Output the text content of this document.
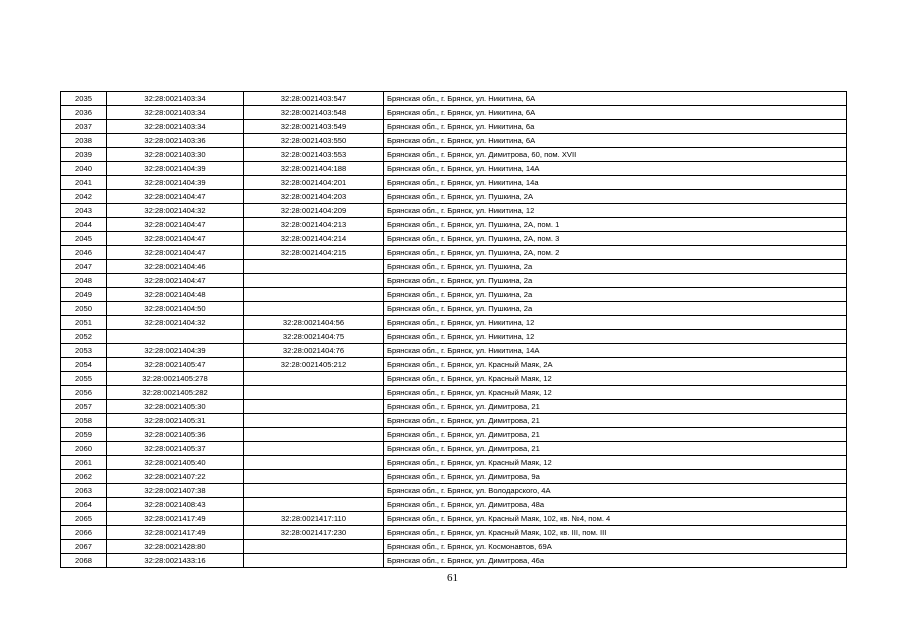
2035	32:28:0021403:34	32:28:0021403:547	Брянская обл., г. Брянск, ул. Никитина, 6А
2036	32:28:0021403:34	32:28:0021403:548	Брянская обл., г. Брянск, ул. Никитина, 6А
2037	32:28:0021403:34	32:28:0021403:549	Брянская обл., г. Брянск, ул. Никитина, 6а
2038	32:28:0021403:36	32:28:0021403:550	Брянская обл., г. Брянск, ул. Никитина, 6А
2039	32:28:0021403:30	32:28:0021403:553	Брянская обл., г. Брянск, ул. Димитрова, 60, пом. XVII
2040	32:28:0021404:39	32:28:0021404:188	Брянская обл., г. Брянск, ул. Никитина, 14А
2041	32:28:0021404:39	32:28:0021404:201	Брянская обл., г. Брянск, ул. Никитина, 14а
2042	32:28:0021404:47	32:28:0021404:203	Брянская обл., г. Брянск, ул. Пушкина, 2А
2043	32:28:0021404:32	32:28:0021404:209	Брянская обл., г. Брянск, ул. Никитина, 12
2044	32:28:0021404:47	32:28:0021404:213	Брянская обл., г. Брянск, ул. Пушкина, 2А, пом. 1
2045	32:28:0021404:47	32:28:0021404:214	Брянская обл., г. Брянск, ул. Пушкина, 2А, пом. 3
2046	32:28:0021404:47	32:28:0021404:215	Брянская обл., г. Брянск, ул. Пушкина, 2А, пом. 2
2047	32:28:0021404:46		Брянская обл., г. Брянск, ул. Пушкина, 2а
2048	32:28:0021404:47		Брянская обл., г. Брянск, ул. Пушкина, 2а
2049	32:28:0021404:48		Брянская обл., г. Брянск, ул. Пушкина, 2а
2050	32:28:0021404:50		Брянская обл., г. Брянск, ул. Пушкина, 2а
2051	32:28:0021404:32	32:28:0021404:56	Брянская обл., г. Брянск, ул. Никитина, 12
2052		32:28:0021404:75	Брянская обл., г. Брянск, ул. Никитина, 12
2053	32:28:0021404:39	32:28:0021404:76	Брянская обл., г. Брянск, ул. Никитина, 14А
2054	32:28:0021405:47	32:28:0021405:212	Брянская обл., г. Брянск, ул. Красный Маяк, 2А
2055	32:28:0021405:278		Брянская обл., г. Брянск, ул. Красный Маяк, 12
2056	32:28:0021405:282		Брянская обл., г. Брянск, ул. Красный Маяк, 12
2057	32:28:0021405:30		Брянская обл., г. Брянск, ул. Димитрова, 21
2058	32:28:0021405:31		Брянская обл., г. Брянск, ул. Димитрова, 21
2059	32:28:0021405:36		Брянская обл., г. Брянск, ул. Димитрова, 21
2060	32:28:0021405:37		Брянская обл., г. Брянск, ул. Димитрова, 21
2061	32:28:0021405:40		Брянская обл., г. Брянск, ул. Красный Маяк, 12
2062	32:28:0021407:22		Брянская обл., г. Брянск, ул. Димитрова, 9а
2063	32:28:0021407:38		Брянская обл., г. Брянск, ул. Володарского, 4А
2064	32:28:0021408:43		Брянская обл., г. Брянск, ул. Димитрова, 48а
2065	32:28:0021417:49	32:28:0021417:110	Брянская обл., г. Брянск, ул. Красный Маяк, 102, кв. №4, пом. 4
2066	32:28:0021417:49	32:28:0021417:230	Брянская обл., г. Брянск, ул. Красный Маяк, 102, кв. III, пом. III
2067	32:28:0021428:80		Брянская обл., г. Брянск, ул. Космонавтов, 69А
2068	32:28:0021433:16		Брянская обл., г. Брянск, ул. Димитрова, 46а
61
